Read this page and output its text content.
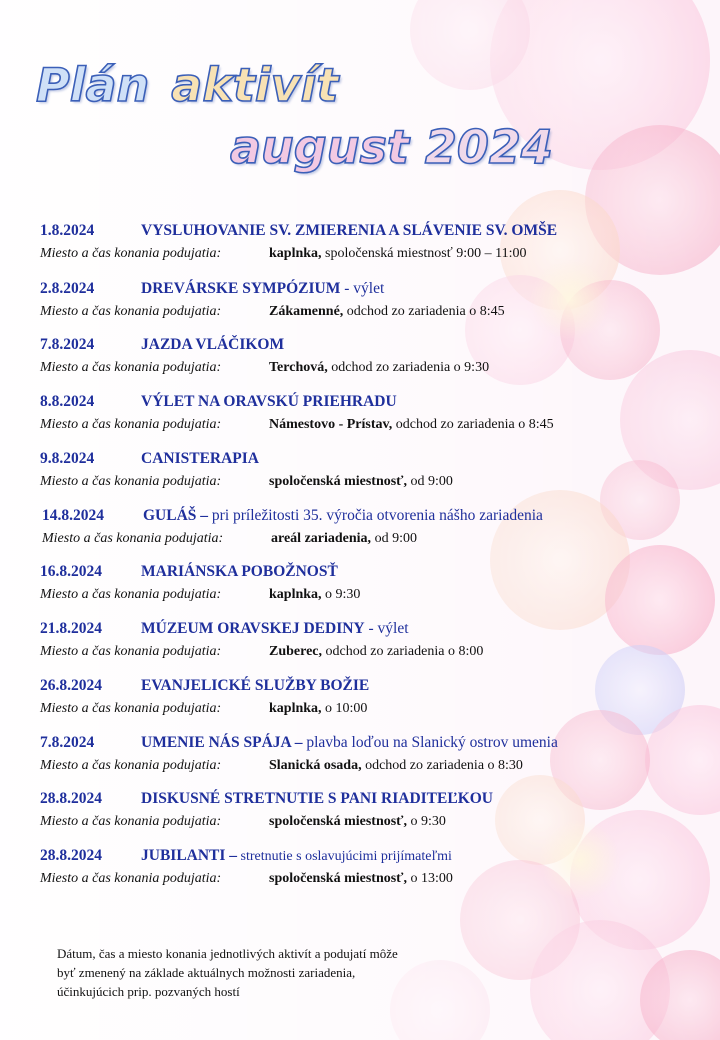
Plán aktivít
august 2024
1.8.2024	VYSLUHOVANIE SV. ZMIERENIA A SLÁVENIE SV. OMŠE
Miesto a čas konania podujatia:	kaplnka, spoločenská miestnosť 9:00 – 11:00
2.8.2024	DREVÁRSKE SYMPÓZIUM - výlet
Miesto a čas konania podujatia:	Zákamenné, odchod zo zariadenia o 8:45
7.8.2024	JAZDA VLÁČIKOM
Miesto a čas konania podujatia:	Terchová, odchod zo zariadenia o 9:30
8.8.2024	VÝLET NA ORAVSKÚ PRIEHRADU
Miesto a čas konania podujatia:	Námestovo - Prístav, odchod zo zariadenia o 8:45
9.8.2024	CANISTERAPIA
Miesto a čas konania podujatia:	spoločenská miestnosť, od 9:00
14.8.2024	GULÁŠ – pri príležitosti 35. výročia otvorenia nášho zariadenia
Miesto a čas konania podujatia:	areál zariadenia, od 9:00
16.8.2024	MARIÁNSKA POBOŽNOSŤ
Miesto a čas konania podujatia:	kaplnka, o 9:30
21.8.2024	MÚZEUM ORAVSKEJ DEDINY - výlet
Miesto a čas konania podujatia:	Zuberec, odchod zo zariadenia o 8:00
26.8.2024	EVANJELICKÉ SLUŽBY BOŽIE
Miesto a čas konania podujatia:	kaplnka, o 10:00
7.8.2024	UMENIE NÁS SPÁJA – plavba loďou na Slanický ostrov umenia
Miesto a čas konania podujatia:	Slanická osada, odchod zo zariadenia o 8:30
28.8.2024	DISKUSNÉ STRETNUTIE S PANI RIADITEĽKOU
Miesto a čas konania podujatia:	spoločenská miestnosť, o 9:30
28.8.2024	JUBILANTI – stretnutie s oslavujúcimi prijímateľmi
Miesto a čas konania podujatia:	spoločenská miestnosť, o 13:00
Dátum, čas a miesto konania jednotlivých aktivít a podujatí môže
byť zmenený na základe aktuálnych možnosti zariadenia,
účinkujúcich prip. pozvaných hostí
